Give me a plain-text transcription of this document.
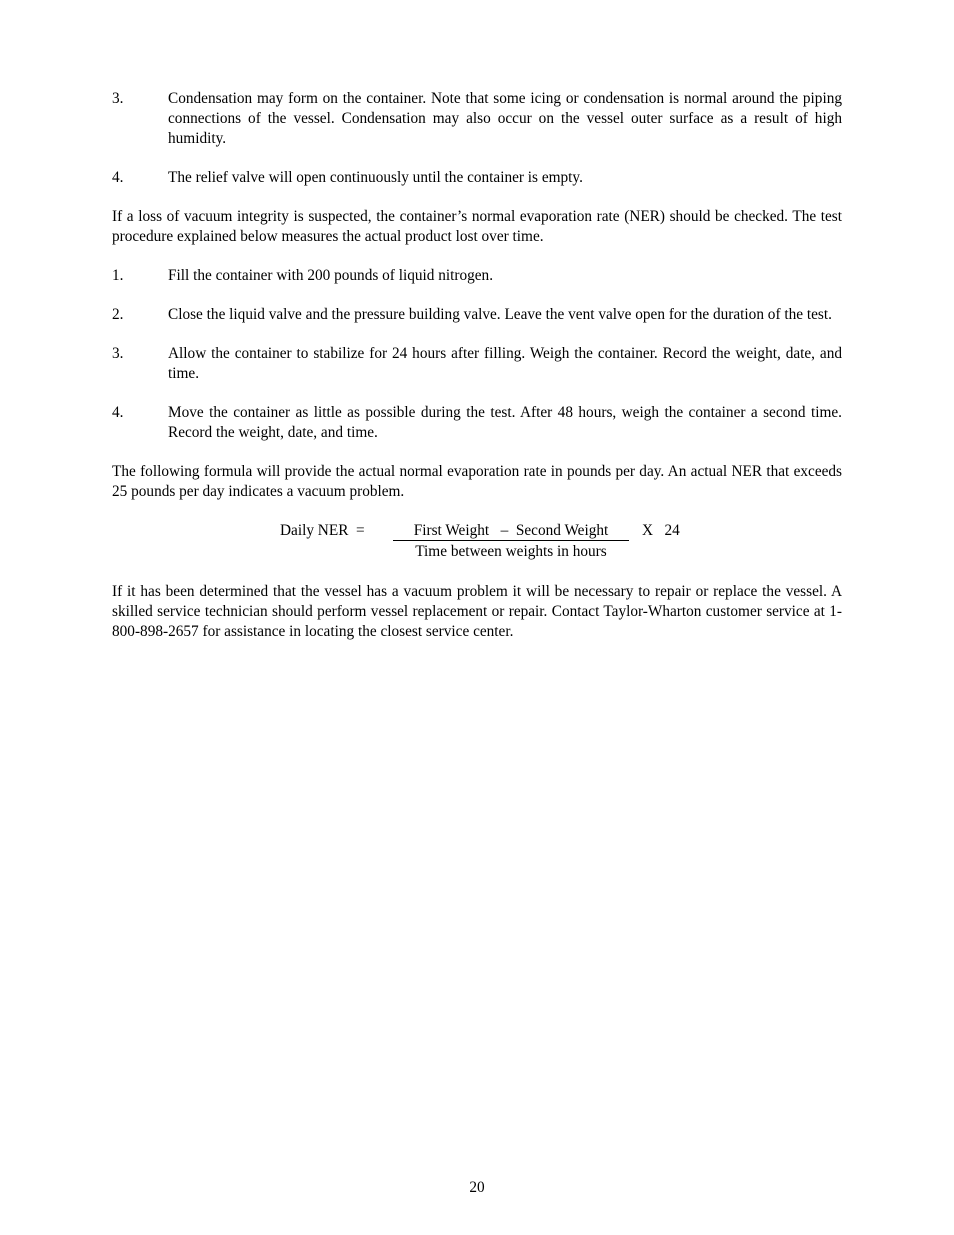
3.	Condensation may form on the container. Note that some icing or condensation is normal around the piping connections of the vessel. Condensation may also occur on the vessel outer surface as a result of high humidity.
4.	The relief valve will open continuously until the container is empty.

If a loss of vacuum integrity is suspected, the container’s normal evaporation rate (NER) should be checked. The test procedure explained below measures the actual product lost over time.

1.	Fill the container with 200 pounds of liquid nitrogen.
2.	Close the liquid valve and the pressure building valve. Leave the vent valve open for the duration of the test.
3.	Allow the container to stabilize for 24 hours after filling. Weigh the container. Record the weight, date, and time.
4.	Move the container as little as possible during the test. After 48 hours, weigh the container a second time. Record the weight, date, and time.

The following formula will provide the actual normal evaporation rate in pounds per day. An actual NER that exceeds 25 pounds per day indicates a vacuum problem.

Daily NER  =	First Weight   –  Second Weight
Time between weights in hours
X   24

If it has been determined that the vessel has a vacuum problem it will be necessary to repair or replace the vessel. A skilled service technician should perform vessel replacement or repair. Contact Taylor-Wharton customer service at 1-800-898-2657 for assistance in locating the closest service center.

20
